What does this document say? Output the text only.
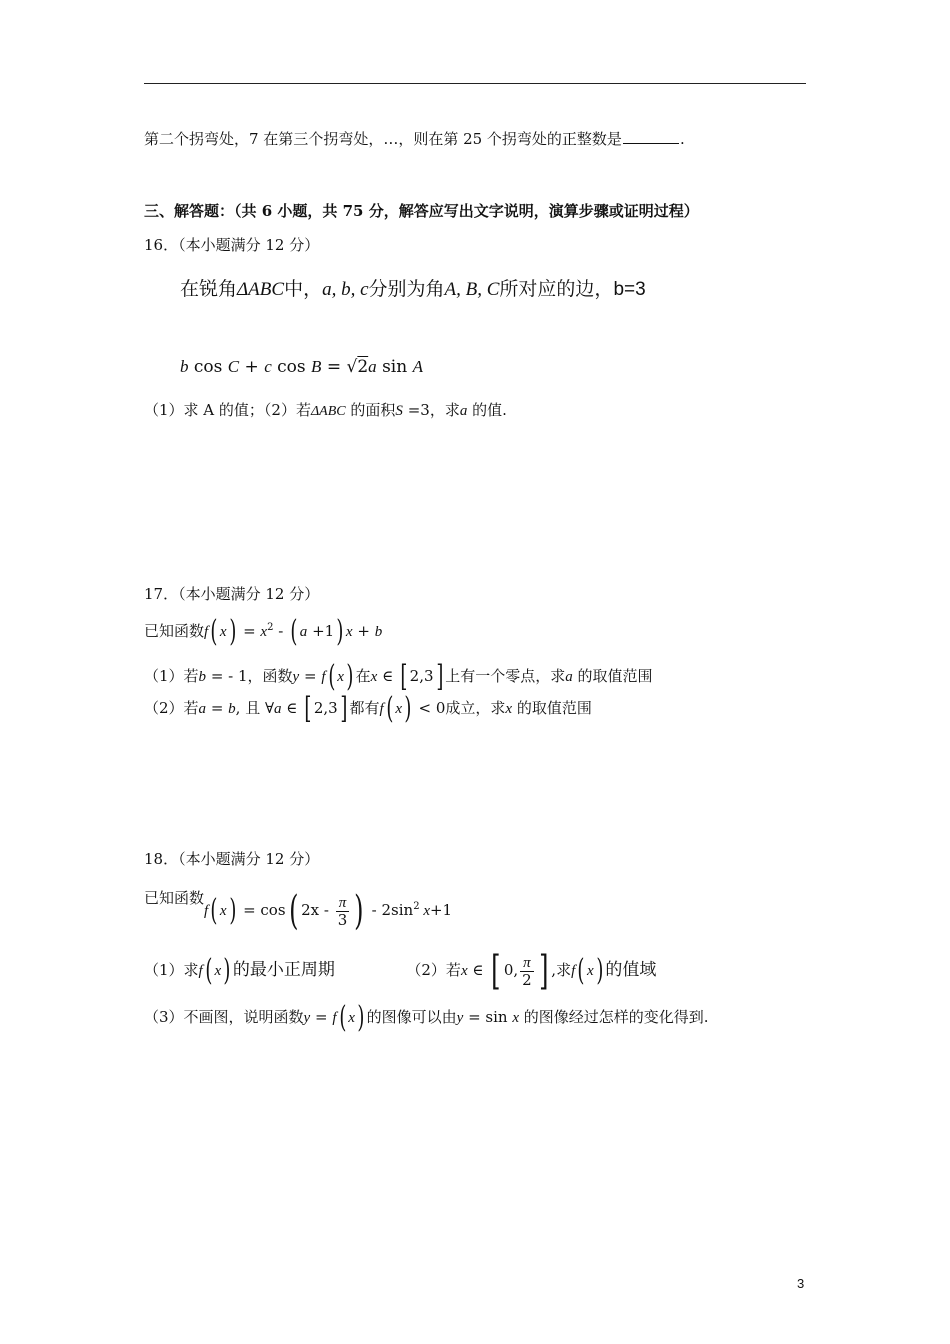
第二个拐弯处，7 在第三个拐弯处，…，则在第 25 个拐弯处的正整数是	.
三、解答题：（共 6 小题，共 75 分，解答应写出文字说明，演算步骤或证明过程）
16．（本小题满分 12 分）
在锐角ΔABC中，a, b, c分别为角A, B, C所对应的边，b=3
b cos C + c cos B = √2a sin A
（1）求 A 的值；（2）若ΔABC 的面积S =3，求a 的值.
17．（本小题满分 12 分）
已知函数f( $x) = x^2$ - ( a +1) x + b
（1）若b = - 1，函数y = f( x) 在x ∈ [ 2,3] 上有一个零点，求a 的取值范围
（2）若a = b, 且 ∀a ∈ [ 2,3] 都有f( x) < 0成立，求x 的取值范围
18．（本小题满分 12 分）
已知函数f( x) = cos( $2x - \frac{\pi}{3}$ ) - $2\sin^2$ x+1
（1）求f( x) 的最小正周期	（2）若x ∈ [ 0, $\frac{\pi}{2}$ ] ,求f( x) 的值域
（3）不画图，说明函数y = f( x) 的图像可以由y = sin x 的图像经过怎样的变化得到.
3
